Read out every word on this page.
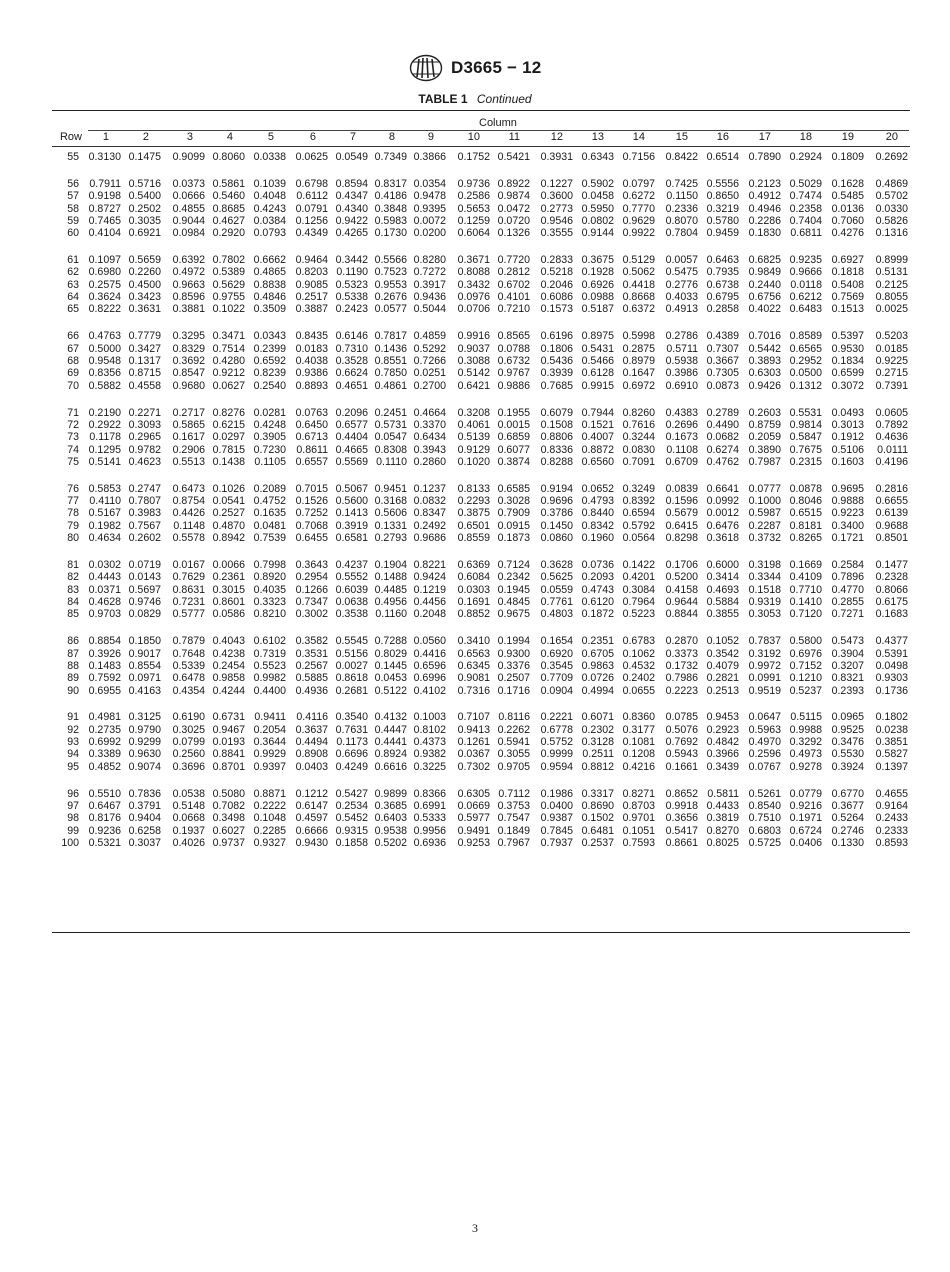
D3665 − 12
TABLE 1 Continued
Column
Row	1	2	3	4	5	6	7	8	9	10	11	12	13	14	15	16	17	18	19	20
55 0.3130 0.1475	0.9099 0.8060 0.0338 0.0625 0.0549 0.7349 0.3866	0.1752 0.5421 0.3931 0.6343 0.7156 0.8422 0.6514 0.7890 0.2924 0.1809	0.2692
56 0.7911 0.5716	0.0373 0.5861 0.1039 0.6798 0.8594 0.8317 0.0354	0.9736 0.8922 0.1227 0.5902 0.0797 0.7425 0.5556 0.2123 0.5029 0.1628	0.4869
57 0.9198 0.5400	0.0666 0.5460 0.4048 0.6112 0.4347 0.4186 0.9478	0.2586 0.9874 0.3600 0.0458 0.6272	0.1150 0.8650 0.4912 0.7474 0.5485	0.5702
58 0.8727 0.2502	0.4855 0.8685 0.4243 0.0791 0.4340 0.3848 0.9395	0.5653 0.0472 0.2773 0.5950 0.7770 0.2336 0.3219 0.4946 0.2358 0.0136	0.0330
59 0.7465 0.3035	0.9044 0.4627 0.0384 0.1256 0.9422 0.5983 0.0072	0.1259 0.0720 0.9546 0.0802 0.9629 0.8070 0.5780 0.2286 0.7404 0.7060	0.5826
60 0.4104 0.6921	0.0984 0.2920 0.0793 0.4349 0.4265 0.1730 0.0200	0.6064 0.1326 0.3555 0.9144 0.9922 0.7804 0.9459 0.1830 0.6811 0.4276	0.1316
61 0.1097 0.5659	0.6392 0.7802 0.6662 0.9464 0.3442 0.5566 0.8280	0.3671 0.7720 0.2833 0.3675 0.5129 0.0057 0.6463 0.6825 0.9235 0.6927	0.8999
62 0.6980 0.2260	0.4972 0.5389 0.4865 0.8203 0.1190 0.7523 0.7272	0.8088 0.2812 0.5218 0.1928 0.5062 0.5475 0.7935 0.9849 0.9666 0.1818	0.5131
63 0.2575 0.4500	0.9663 0.5629 0.8838 0.9085 0.5323 0.9553 0.3917	0.3432 0.6702 0.2046 0.6926 0.4418 0.2776 0.6738 0.2440 0.0118 0.5408	0.2125
64 0.3624 0.3423	0.8596 0.9755 0.4846 0.2517 0.5338 0.2676 0.9436	0.0976 0.4101 0.6086 0.0988 0.8668 0.4033 0.6795 0.6756 0.6212 0.7569	0.8055
65 0.8222 0.3631	0.3881 0.1022 0.3509 0.3887 0.2423 0.0577 0.5044	0.0706 0.7210 0.1573 0.5187 0.6372 0.4913 0.2858 0.4022 0.6483 0.1513	0.0025
66 0.4763 0.7779	0.3295 0.3471 0.0343 0.8435 0.6146 0.7817 0.4859	0.9916 0.8565 0.6196 0.8975 0.5998 0.2786 0.4389 0.7016 0.8589 0.5397	0.5203
67 0.5000 0.3427	0.8329 0.7514 0.2399 0.0183 0.7310 0.1436 0.5292	0.9037 0.0788 0.1806 0.5431 0.2875	0.5711 0.7307 0.5442 0.6565 0.9530	0.0185
68 0.9548 0.1317	0.3692 0.4280 0.6592 0.4038 0.3528 0.8551 0.7266	0.3088 0.6732 0.5436 0.5466 0.8979 0.5938 0.3667 0.3893 0.2952 0.1834	0.9225
69 0.8356 0.8715	0.8547 0.9212 0.8239 0.9386 0.6624 0.7850 0.0251	0.5142 0.9767 0.3939 0.6128 0.1647 0.3986 0.7305 0.6303 0.0500 0.6599	0.2715
70 0.5882 0.4558	0.9680 0.0627 0.2540 0.8893 0.4651 0.4861 0.2700	0.6421 0.9886 0.7685 0.9915 0.6972 0.6910 0.0873 0.9426 0.1312 0.3072	0.7391
71 0.2190 0.2271	0.2717 0.8276 0.0281 0.0763 0.2096 0.2451 0.4664	0.3208 0.1955 0.6079 0.7944 0.8260 0.4383 0.2789 0.2603 0.5531 0.0493	0.0605
72 0.2922 0.3093	0.5865 0.6215 0.4248 0.6450 0.6577 0.5731 0.3370	0.4061 0.0015 0.1508 0.1521 0.7616 0.2696 0.4490 0.8759 0.9814 0.3013	0.7892
73 0.1178 0.2965	0.1617 0.0297 0.3905 0.6713 0.4404 0.0547 0.6434	0.5139 0.6859 0.8806 0.4007 0.3244 0.1673 0.0682 0.2059 0.5847 0.1912	0.4636
74 0.1295 0.9782	0.2906 0.7815 0.7230 0.8611 0.4665 0.8308 0.3943	0.9129 0.6077 0.8336 0.8872 0.0830	0.1108 0.6274 0.3890 0.7675 0.5106	0.0111
75 0.5141 0.4623	0.5513 0.1438 0.1105 0.6557 0.5569 0.1110 0.2860	0.1020 0.3874 0.8288 0.6560 0.7091 0.6709 0.4762 0.7987 0.2315 0.1603	0.4196
76 0.5853 0.2747	0.6473 0.1026 0.2089 0.7015 0.5067 0.9451 0.1237	0.8133 0.6585 0.9194 0.0652 0.3249 0.0839 0.6641 0.0777 0.0878 0.9695	0.2816
77 0.4110 0.7807	0.8754 0.0541 0.4752 0.1526 0.5600 0.3168 0.0832	0.2293 0.3028 0.9696 0.4793 0.8392 0.1596 0.0992 0.1000 0.8046 0.9888	0.6655
78 0.5167 0.3983	0.4426 0.2527 0.1635 0.7252 0.1413 0.5606 0.8347	0.3875 0.7909 0.3786 0.8440 0.6594 0.5679 0.0012 0.5987 0.6515 0.9223	0.6139
79 0.1982 0.7567	0.1148 0.4870 0.0481 0.7068 0.3919 0.1331 0.2492	0.6501 0.0915 0.1450 0.8342 0.5792 0.6415 0.6476 0.2287 0.8181 0.3400	0.9688
80 0.4634 0.2602	0.5578 0.8942 0.7539 0.6455 0.6581 0.2793 0.9686	0.8559 0.1873 0.0860 0.1960 0.0564 0.8298 0.3618 0.3732 0.8265 0.1721	0.8501
81 0.0302 0.0719	0.0167 0.0066 0.7998 0.3643 0.4237 0.1904 0.8221	0.6369 0.7124 0.3628 0.0736 0.1422 0.1706 0.6000 0.3198 0.1669 0.2584	0.1477
82 0.4443 0.0143	0.7629 0.2361 0.8920 0.2954 0.5552 0.1488 0.9424	0.6084 0.2342 0.5625 0.2093 0.4201 0.5200 0.3414 0.3344 0.4109 0.7896	0.2328
83 0.0371 0.5697	0.8631 0.3015 0.4035 0.1266 0.6039 0.4485 0.1219	0.0303 0.1945 0.0559 0.4743 0.3084 0.4158 0.4693 0.1518 0.7710 0.4770	0.8066
84 0.4628 0.9746	0.7231 0.8601 0.3323 0.7347 0.0638 0.4956 0.4456	0.1691 0.4845 0.7761 0.6120 0.7964 0.9644 0.5884 0.9319 0.1410 0.2855	0.6175
85 0.9703 0.0829	0.5777 0.0586 0.8210 0.3002 0.3538 0.1160 0.2048	0.8852 0.9675 0.4803 0.1872 0.5223 0.8844 0.3855 0.3053 0.7120 0.7271	0.1683
86 0.8854 0.1850	0.7879 0.4043 0.6102 0.3582 0.5545 0.7288 0.0560	0.3410 0.1994 0.1654 0.2351 0.6783 0.2870 0.1052 0.7837 0.5800 0.5473	0.4377
87 0.3926 0.9017	0.7648 0.4238 0.7319 0.3531 0.5156 0.8029 0.4416	0.6563 0.9300 0.6920 0.6705 0.1062 0.3373 0.3542 0.3192 0.6976 0.3904	0.5391
88 0.1483 0.8554	0.5339 0.2454 0.5523 0.2567 0.0027 0.1445 0.6596	0.6345 0.3376 0.3545 0.9863 0.4532 0.1732 0.4079 0.9972 0.7152 0.3207	0.0498
89 0.7592 0.0971	0.6478 0.9858 0.9982 0.5885 0.8618 0.0453 0.6996	0.9081 0.2507 0.7709 0.0726 0.2402 0.7986 0.2821 0.0991 0.1210 0.8321	0.9303
90 0.6955 0.4163	0.4354 0.4244 0.4400 0.4936 0.2681 0.5122 0.4102	0.7316 0.1716 0.0904 0.4994 0.0655 0.2223 0.2513 0.9519 0.5237 0.2393	0.1736
91 0.4981 0.3125	0.6190 0.6731 0.9411 0.4116 0.3540 0.4132 0.1003	0.7107 0.8116 0.2221 0.6071 0.8360 0.0785 0.9453 0.0647 0.5115 0.0965	0.1802
92 0.2735 0.9790	0.3025 0.9467 0.2054 0.3637 0.7631 0.4447 0.8102	0.9413 0.2262 0.6778 0.2302 0.3177 0.5076 0.2923 0.5963 0.9988 0.9525	0.0238
93 0.6992 0.9299	0.0799 0.0193 0.3644 0.4494 0.1173 0.4441 0.4373	0.1261 0.5941 0.5752 0.3128 0.1081 0.7692 0.4842 0.4970 0.3292 0.3476	0.3851
94 0.3389 0.9630	0.2560 0.8841 0.9929 0.8908 0.6696 0.8924 0.9382	0.0367 0.3055 0.9999 0.2511 0.1208 0.5943 0.3966 0.2596 0.4973 0.5530	0.5827
95 0.4852 0.9074	0.3696 0.8701 0.9397 0.0403 0.4249 0.6616 0.3225	0.7302 0.9705 0.9594 0.8812 0.4216 0.1661 0.3439 0.0767 0.9278 0.3924	0.1397
96 0.5510 0.7836	0.0538 0.5080 0.8871 0.1212 0.5427 0.9899 0.8366	0.6305 0.7112 0.1986 0.3317 0.8271 0.8652 0.5811 0.5261 0.0779 0.6770	0.4655
97 0.6467 0.3791	0.5148 0.7082 0.2222 0.6147 0.2534 0.3685 0.6991	0.0669 0.3753 0.0400 0.8690 0.8703 0.9918 0.4433 0.8540 0.9216 0.3677	0.9164
98 0.8176 0.9404	0.0668 0.3498 0.1048 0.4597 0.5452 0.6403 0.5333	0.5977 0.7547 0.9387 0.1502 0.9701 0.3656 0.3819 0.7510 0.1971 0.5264	0.2433
99 0.9236 0.6258	0.1937 0.6027 0.2285 0.6666 0.9315 0.9538 0.9956	0.9491 0.1849 0.7845 0.6481 0.1051 0.5417 0.8270 0.6803 0.6724 0.2746	0.2333
100 0.5321 0.3037	0.4026 0.9737 0.9327 0.9430 0.1858 0.5202 0.6936	0.9253 0.7967 0.7937 0.2537 0.7593 0.8661 0.8025 0.5725 0.0406 0.1330	0.8593
3
